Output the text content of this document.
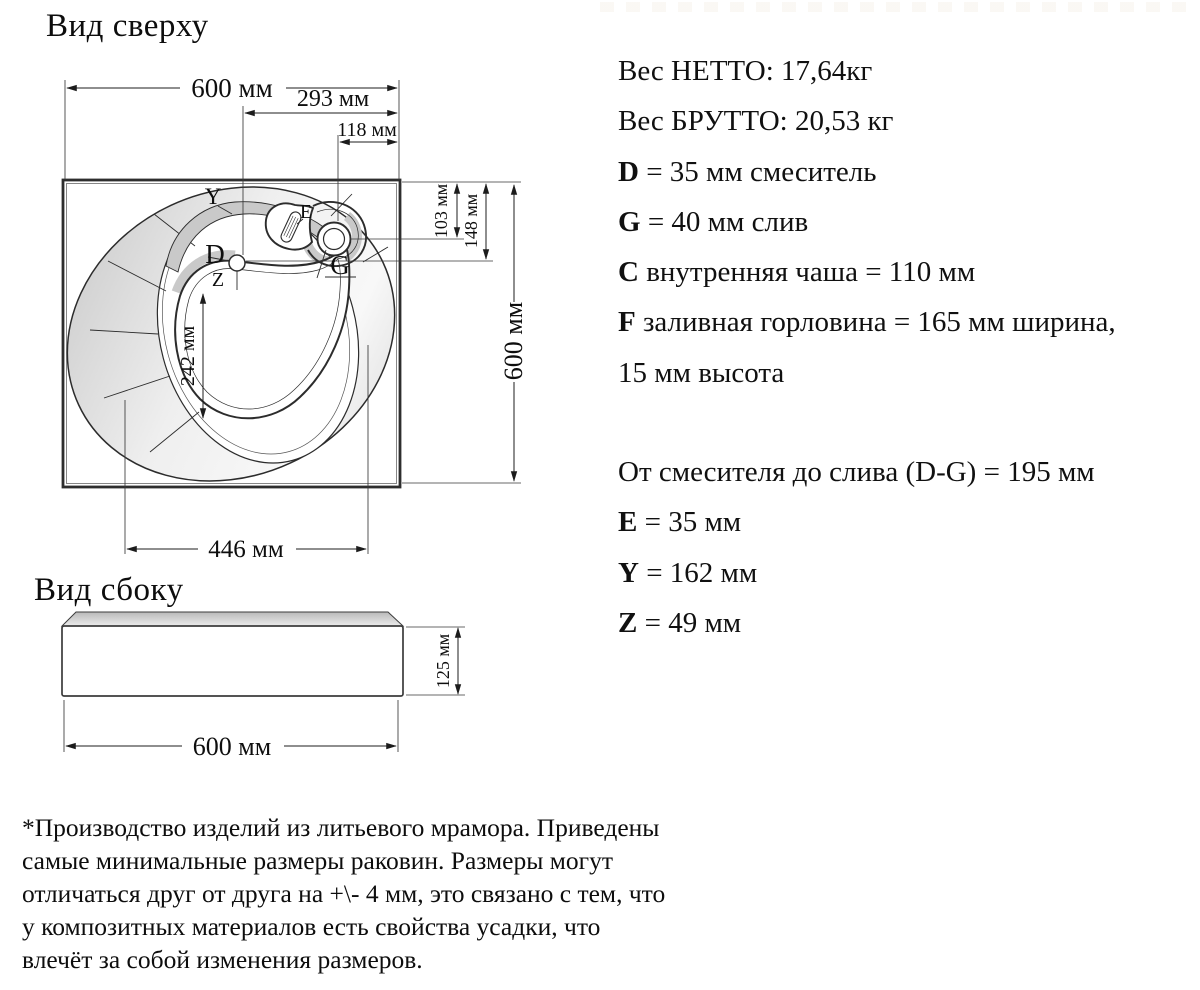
Вид сверху
600 мм 293 мм
118 мм
103 мм 148 мм
600 мм
242 мм
446 мм
Y
E
D
Z	G
Вид сбоку
125 мм
600 мм
Вес НЕТТО: 17,64кг
Вес БРУТТО: 20,53 кг
D = 35 мм смеситель
G = 40 мм слив
C внутренняя чаша = 110 мм
F заливная горловина = 165 мм ширина,
15 мм высота
От смесителя до слива (D-G) = 195 мм
E = 35 мм
Y = 162 мм
Z = 49 мм
*Производство изделий из литьевого мрамора. Приведены
самые минимальные размеры раковин. Размеры могут
отличаться друг от друга на +\- 4 мм, это связано с тем, что
у композитных материалов есть свойства усадки, что
влечёт за собой изменения размеров.
